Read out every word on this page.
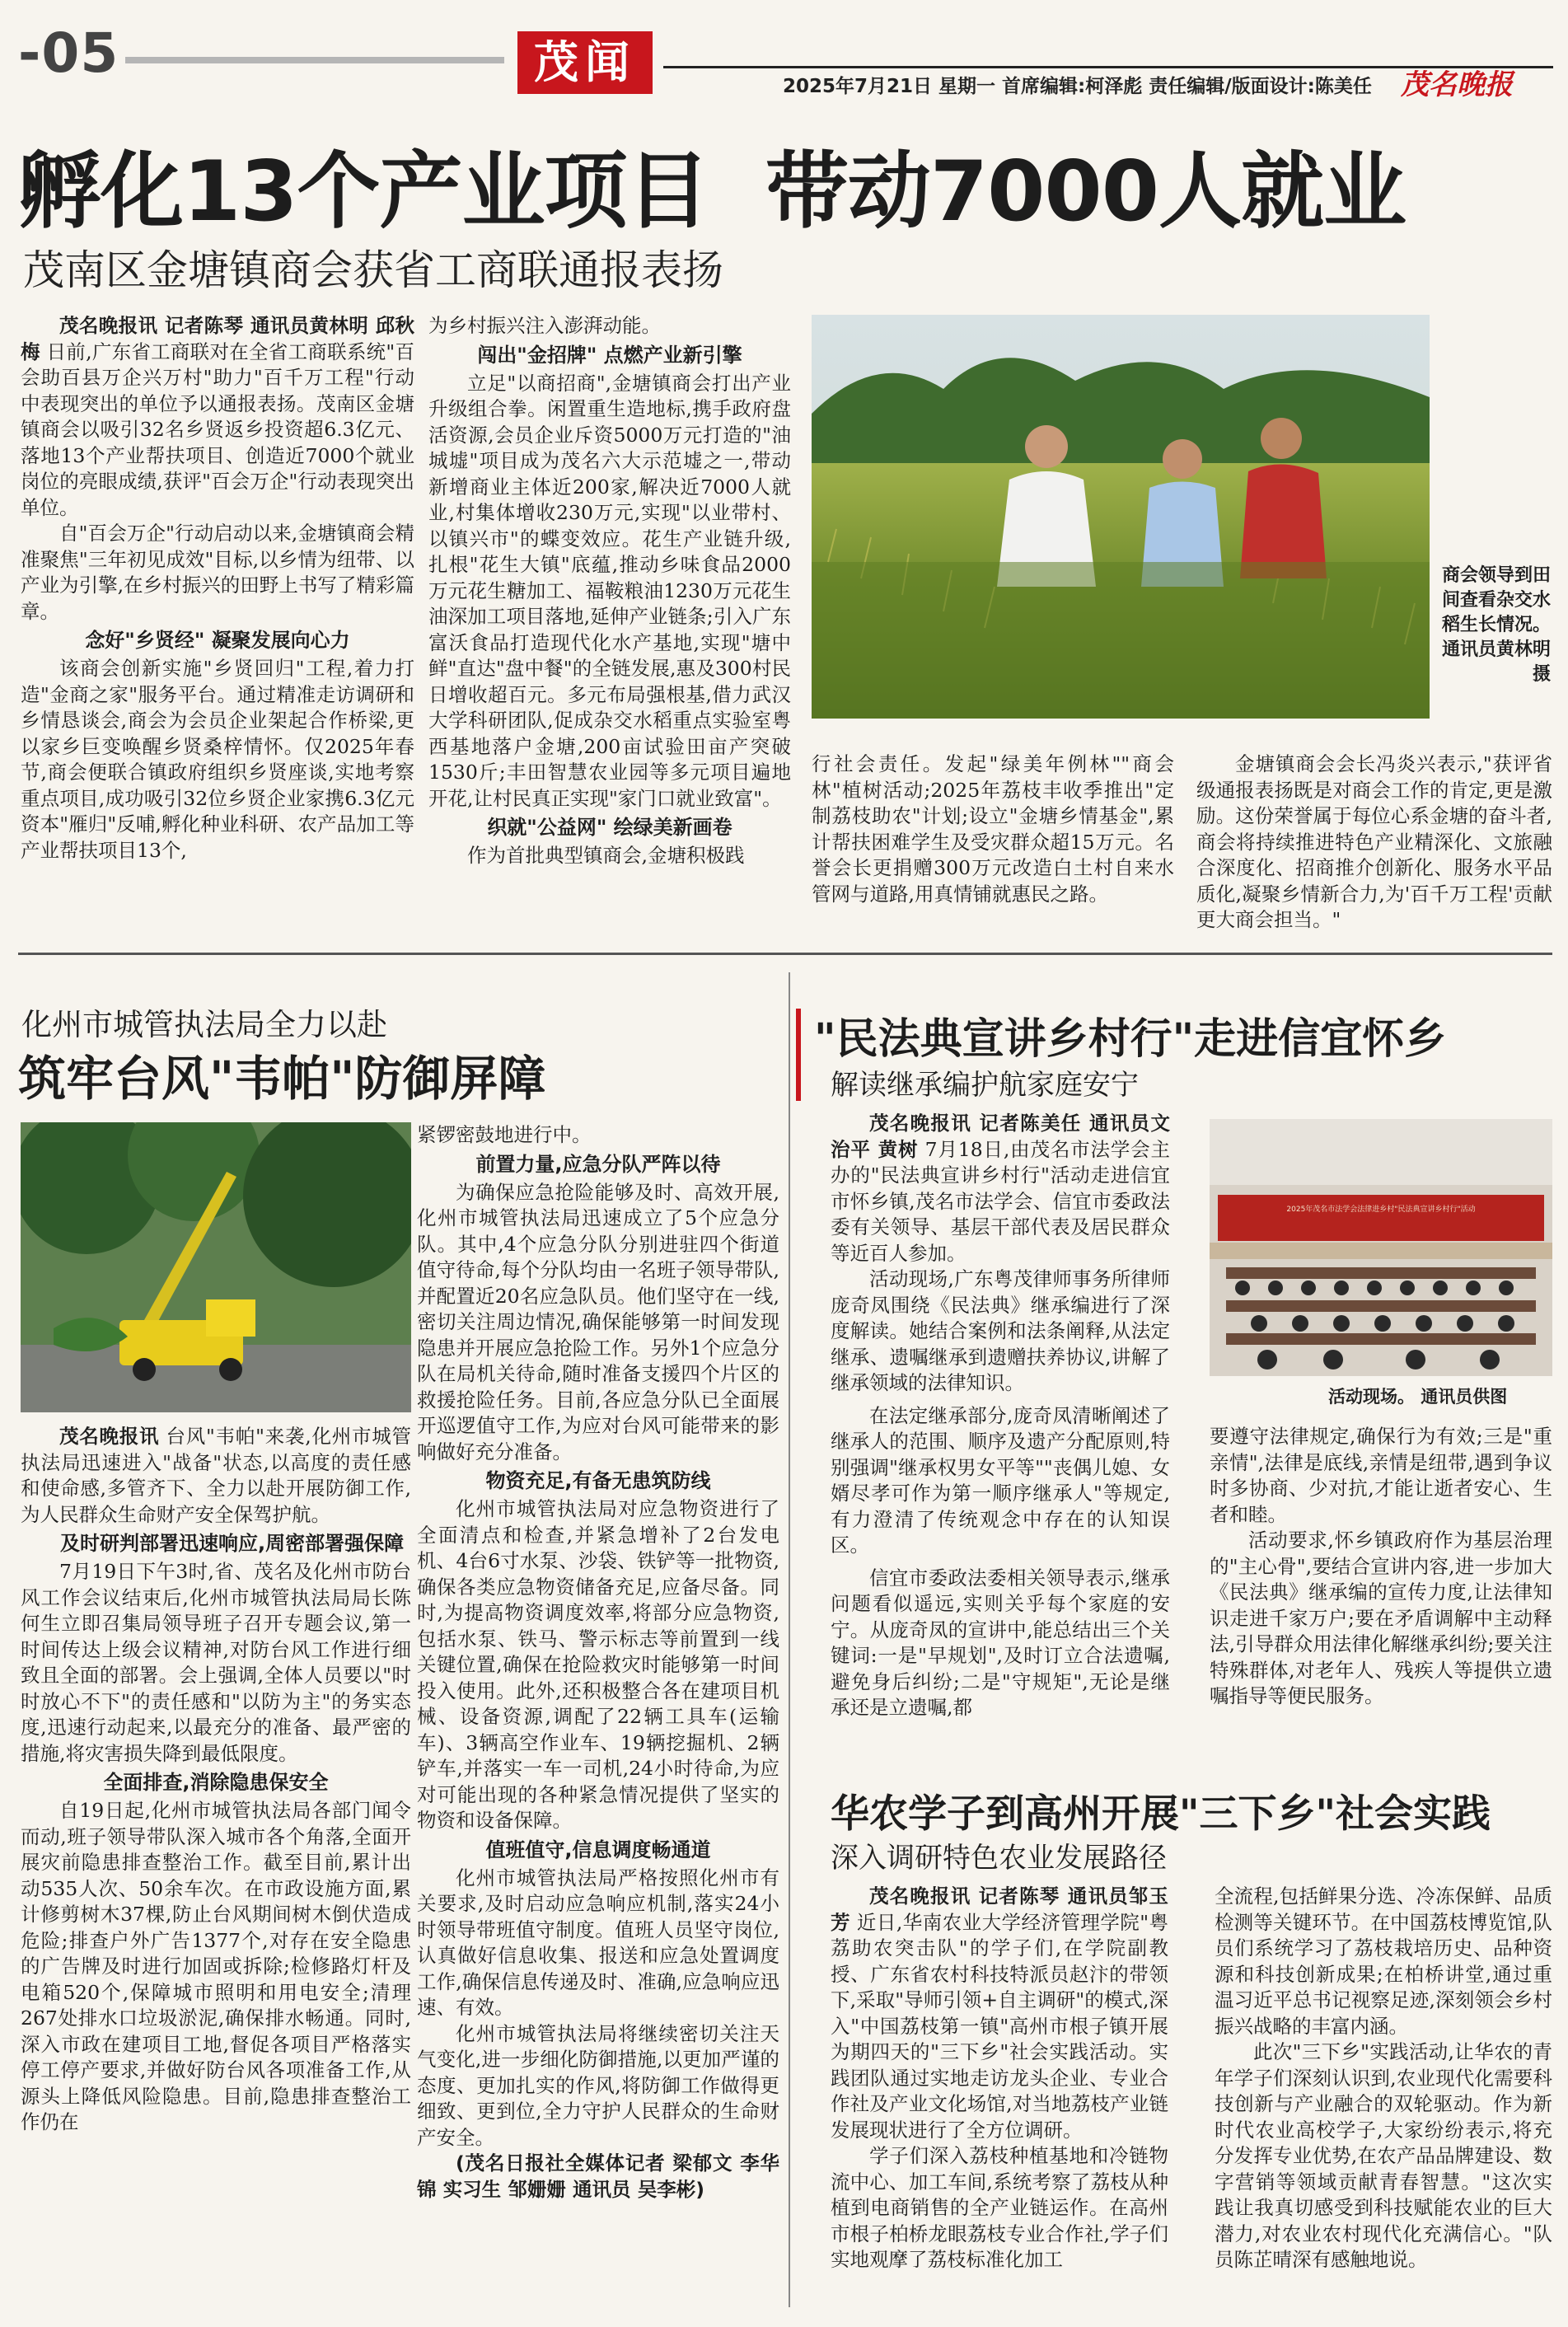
-05	茂闻	2025年7月21日 星期一 首席编辑:柯泽彪 责任编辑/版面设计:陈美任 茂名晚报
孵化13个产业项目  带动7000人就业
茂南区金塘镇商会获省工商联通报表扬

茂名晚报讯 记者陈琴 通讯员黄林明 邱秋梅 日前,广东省工商联对在全省工商联系统"百会助百县万企兴万村"助力"百千万工程"行动中表现突出的单位予以通报表扬。茂南区金塘镇商会以吸引32名乡贤返乡投资超6.3亿元、落地13个产业帮扶项目、创造近7000个就业岗位的亮眼成绩,获评"百会万企"行动表现突出单位。

自"百会万企"行动启动以来,金塘镇商会精准聚焦"三年初见成效"目标,以乡情为纽带、以产业为引擎,在乡村振兴的田野上书写了精彩篇章。

念好"乡贤经" 凝聚发展向心力

该商会创新实施"乡贤回归"工程,着力打造"金商之家"服务平台。通过精准走访调研和乡情恳谈会,商会为会员企业架起合作桥梁,更以家乡巨变唤醒乡贤桑梓情怀。仅2025年春节,商会便联合镇政府组织乡贤座谈,实地考察重点项目,成功吸引32位乡贤企业家携6.3亿元资本"雁归"反哺,孵化种业科研、农产品加工等产业帮扶项目13个,

为乡村振兴注入澎湃动能。

闯出"金招牌" 点燃产业新引擎

立足"以商招商",金塘镇商会打出产业升级组合拳。闲置重生造地标,携手政府盘活资源,会员企业斥资5000万元打造的"油城墟"项目成为茂名六大示范墟之一,带动新增商业主体近200家,解决近7000人就业,村集体增收230万元,实现"以业带村、以镇兴市"的蝶变效应。花生产业链升级,扎根"花生大镇"底蕴,推动乡味食品2000万元花生糖加工、福鞍粮油1230万元花生油深加工项目落地,延伸产业链条;引入广东富沃食品打造现代化水产基地,实现"塘中鲜"直达"盘中餐"的全链发展,惠及300村民日增收超百元。多元布局强根基,借力武汉大学科研团队,促成杂交水稻重点实验室粤西基地落户金塘,200亩试验田亩产突破1530斤;丰田智慧农业园等多元项目遍地开花,让村民真正实现"家门口就业致富"。

织就"公益网" 绘绿美新画卷

作为首批典型镇商会,金塘积极践

商会领导到田间查看杂交水稻生长情况。 通讯员黄林明 摄

行社会责任。发起"绿美年例林""商会林"植树活动;2025年荔枝丰收季推出"定制荔枝助农"计划;设立"金塘乡情基金",累计帮扶困难学生及受灾群众超15万元。名誉会长更捐赠300万元改造白土村自来水管网与道路,用真情铺就惠民之路。

金塘镇商会会长冯炎兴表示,"获评省级通报表扬既是对商会工作的肯定,更是激励。这份荣誉属于每位心系金塘的奋斗者,商会将持续推进特色产业精深化、文旅融合深度化、招商推介创新化、服务水平品质化,凝聚乡情新合力,为'百千万工程'贡献更大商会担当。"

化州市城管执法局全力以赴
筑牢台风"韦帕"防御屏障

茂名晚报讯 台风"韦帕"来袭,化州市城管执法局迅速进入"战备"状态,以高度的责任感和使命感,多管齐下、全力以赴开展防御工作,为人民群众生命财产安全保驾护航。

及时研判部署迅速响应,周密部署强保障

7月19日下午3时,省、茂名及化州市防台风工作会议结束后,化州市城管执法局局长陈何生立即召集局领导班子召开专题会议,第一时间传达上级会议精神,对防台风工作进行细致且全面的部署。会上强调,全体人员要以"时时放心不下"的责任感和"以防为主"的务实态度,迅速行动起来,以最充分的准备、最严密的措施,将灾害损失降到最低限度。

全面排查,消除隐患保安全

自19日起,化州市城管执法局各部门闻令而动,班子领导带队深入城市各个角落,全面开展灾前隐患排查整治工作。截至目前,累计出动535人次、50余车次。在市政设施方面,累计修剪树木37棵,防止台风期间树木倒伏造成危险;排查户外广告1377个,对存在安全隐患的广告牌及时进行加固或拆除;检修路灯杆及电箱520个,保障城市照明和用电安全;清理267处排水口垃圾淤泥,确保排水畅通。同时,深入市政在建项目工地,督促各项目严格落实停工停产要求,并做好防台风各项准备工作,从源头上降低风险隐患。目前,隐患排查整治工作仍在

紧锣密鼓地进行中。

前置力量,应急分队严阵以待

为确保应急抢险能够及时、高效开展,化州市城管执法局迅速成立了5个应急分队。其中,4个应急分队分别进驻四个街道值守待命,每个分队均由一名班子领导带队,并配置近20名应急队员。他们坚守在一线,密切关注周边情况,确保能够第一时间发现隐患并开展应急抢险工作。另外1个应急分队在局机关待命,随时准备支援四个片区的救援抢险任务。目前,各应急分队已全面展开巡逻值守工作,为应对台风可能带来的影响做好充分准备。

物资充足,有备无患筑防线

化州市城管执法局对应急物资进行了全面清点和检查,并紧急增补了2台发电机、4台6寸水泵、沙袋、铁铲等一批物资,确保各类应急物资储备充足,应备尽备。同时,为提高物资调度效率,将部分应急物资,包括水泵、铁马、警示标志等前置到一线关键位置,确保在抢险救灾时能够第一时间投入使用。此外,还积极整合各在建项目机械、设备资源,调配了22辆工具车(运输车)、3辆高空作业车、19辆挖掘机、2辆铲车,并落实一车一司机,24小时待命,为应对可能出现的各种紧急情况提供了坚实的物资和设备保障。

值班值守,信息调度畅通道

化州市城管执法局严格按照化州市有关要求,及时启动应急响应机制,落实24小时领导带班值守制度。值班人员坚守岗位,认真做好信息收集、报送和应急处置调度工作,确保信息传递及时、准确,应急响应迅速、有效。

化州市城管执法局将继续密切关注天气变化,进一步细化防御措施,以更加严谨的态度、更加扎实的作风,将防御工作做得更细致、更到位,全力守护人民群众的生命财产安全。

(茂名日报社全媒体记者 梁郁文 李华锦 实习生 邹姗姗 通讯员 吴李彬)

"民法典宣讲乡村行"走进信宜怀乡
解读继承编护航家庭安宁

茂名晚报讯 记者陈美任 通讯员文治平 黄树 7月18日,由茂名市法学会主办的"民法典宣讲乡村行"活动走进信宜市怀乡镇,茂名市法学会、信宜市委政法委有关领导、基层干部代表及居民群众等近百人参加。

活动现场,广东粤茂律师事务所律师庞奇凤围绕《民法典》继承编进行了深度解读。她结合案例和法条阐释,从法定继承、遗嘱继承到遗赠扶养协议,讲解了继承领域的法律知识。

在法定继承部分,庞奇凤清晰阐述了继承人的范围、顺序及遗产分配原则,特别强调"继承权男女平等""丧偶儿媳、女婿尽孝可作为第一顺序继承人"等规定,有力澄清了传统观念中存在的认知误区。

信宜市委政法委相关领导表示,继承问题看似遥远,实则关乎每个家庭的安宁。从庞奇凤的宣讲中,能总结出三个关键词:一是"早规划",及时订立合法遗嘱,避免身后纠纷;二是"守规矩",无论是继承还是立遗嘱,都

2025年茂名市法学会法律进乡村"民法典宣讲乡村行"活动
活动现场。 通讯员供图

要遵守法律规定,确保行为有效;三是"重亲情",法律是底线,亲情是纽带,遇到争议时多协商、少对抗,才能让逝者安心、生者和睦。

活动要求,怀乡镇政府作为基层治理的"主心骨",要结合宣讲内容,进一步加大《民法典》继承编的宣传力度,让法律知识走进千家万户;要在矛盾调解中主动释法,引导群众用法律化解继承纠纷;要关注特殊群体,对老年人、残疾人等提供立遗嘱指导等便民服务。

华农学子到高州开展"三下乡"社会实践
深入调研特色农业发展路径

茂名晚报讯 记者陈琴 通讯员邹玉芳 近日,华南农业大学经济管理学院"粤荔助农突击队"的学子们,在学院副教授、广东省农村科技特派员赵汴的带领下,采取"导师引领+自主调研"的模式,深入"中国荔枝第一镇"高州市根子镇开展为期四天的"三下乡"社会实践活动。实践团队通过实地走访龙头企业、专业合作社及产业文化场馆,对当地荔枝产业链发展现状进行了全方位调研。

学子们深入荔枝种植基地和冷链物流中心、加工车间,系统考察了荔枝从种植到电商销售的全产业链运作。在高州市根子柏桥龙眼荔枝专业合作社,学子们实地观摩了荔枝标准化加工

全流程,包括鲜果分选、冷冻保鲜、品质检测等关键环节。在中国荔枝博览馆,队员们系统学习了荔枝栽培历史、品种资源和科技创新成果;在柏桥讲堂,通过重温习近平总书记视察足迹,深刻领会乡村振兴战略的丰富内涵。

此次"三下乡"实践活动,让华农的青年学子们深刻认识到,农业现代化需要科技创新与产业融合的双轮驱动。作为新时代农业高校学子,大家纷纷表示,将充分发挥专业优势,在农产品品牌建设、数字营销等领域贡献青春智慧。"这次实践让我真切感受到科技赋能农业的巨大潜力,对农业农村现代化充满信心。"队员陈芷晴深有感触地说。
